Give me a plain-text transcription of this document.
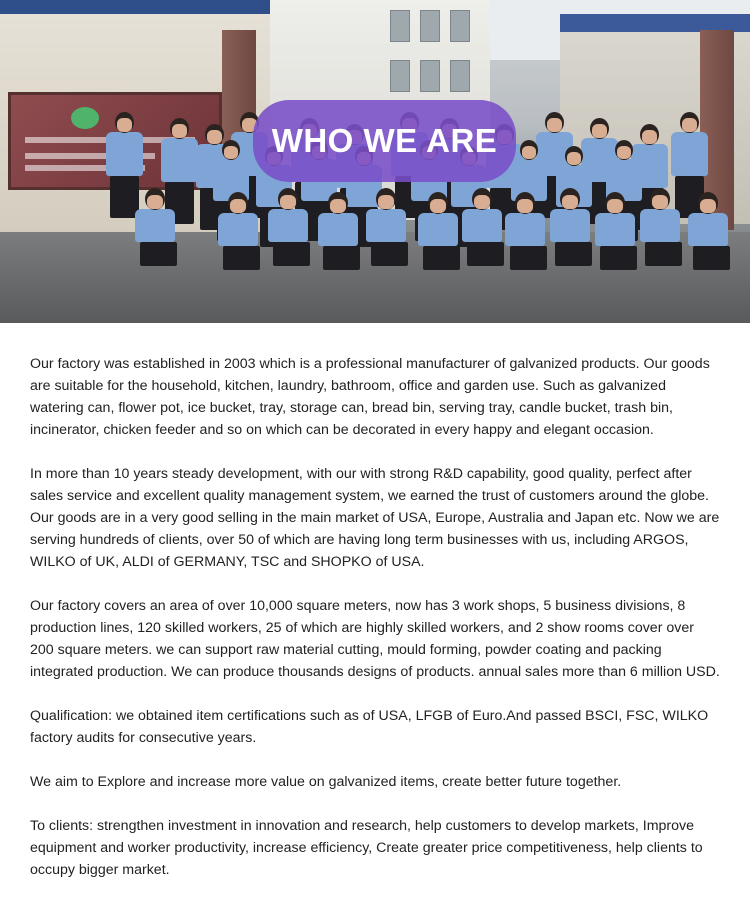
WHO WE ARE

Our factory was established in 2003 which is a professional manufacturer of galvanized products. Our goods are suitable for the household, kitchen, laundry, bathroom, office and garden use. Such as galvanized watering can, flower pot, ice bucket, tray, storage can, bread bin, serving tray, candle bucket, trash bin, incinerator, chicken feeder and so on which can be decorated in every happy and elegant occasion.

In more than 10 years steady development, with our with strong R&D capability, good quality, perfect after sales service and excellent quality management system, we earned the trust of customers around the globe. Our goods are in a very good selling in the main market of USA, Europe, Australia and Japan etc. Now we are serving hundreds of clients, over 50 of which are having long term businesses with us, including ARGOS, WILKO of UK, ALDI of GERMANY, TSC and SHOPKO of USA.

Our factory covers an area of over 10,000 square meters, now has 3 work shops, 5 business divisions, 8 production lines, 120 skilled workers, 25 of which are highly skilled workers, and 2 show rooms cover over 200 square meters. we can support raw material cutting, mould forming, powder coating and packing integrated production. We can produce thousands designs of products. annual sales more than 6 million USD.

Qualification: we obtained item certifications such as of USA, LFGB of Euro.And passed BSCI, FSC, WILKO factory audits for consecutive years.

We aim to Explore and increase more value on galvanized items, create better future together.

To clients: strengthen investment in innovation and research, help customers to develop markets, Improve equipment and worker productivity, increase efficiency, Create greater price competitiveness, help clients to occupy bigger market.
